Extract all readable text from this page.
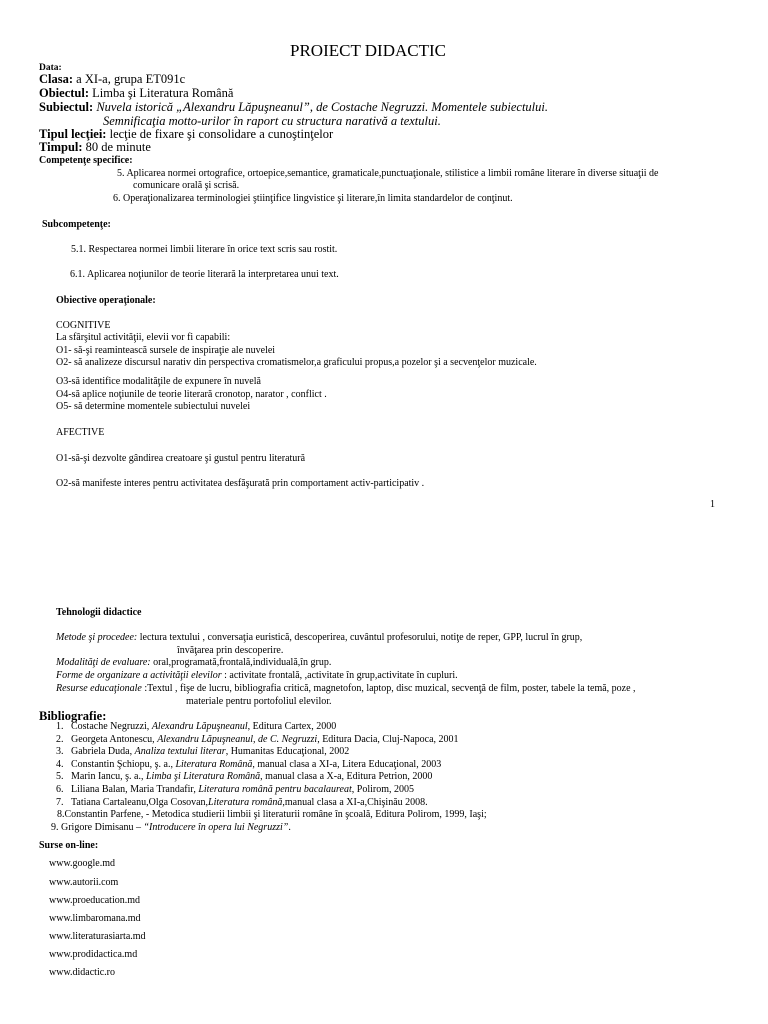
PROIECT DIDACTIC
Data:
Clasa: a XI-a, grupa ET091c
Obiectul: Limba şi Literatura Română
Subiectul: Nuvela istorică „Alexandru Lăpuşneanul”, de Costache Negruzzi. Momentele subiectului.
Semnificaţia motto-urilor în raport cu structura narativă a textului.
Tipul lecţiei: lecţie de fixare şi consolidare a cunoştinţelor
Timpul: 80 de minute
Competenţe specifice:
5. Aplicarea normei ortografice, ortoepice,semantice, gramaticale,punctuaţionale, stilistice a limbii române literare în diverse situaţii de
comunicare orală şi scrisă.
6. Operaţionalizarea terminologiei ştiinţifice lingvistice şi literare,în limita standardelor de conţinut.
Subcompetenţe:
5.1. Respectarea normei limbii literare în orice text scris sau rostit.
6.1. Aplicarea noţiunilor de teorie literară la interpretarea unui text.
Obiective operaţionale:
COGNITIVE
La sfârşitul activităţii, elevii vor fi capabili:
O1- să-şi reamintească sursele de inspiraţie ale nuvelei
O2- să analizeze discursul narativ din perspectiva cromatismelor,a graficului propus,a pozelor şi a secvenţelor muzicale.
O3-să identifice modalităţile de expunere în nuvelă
O4-să aplice noţiunile de teorie literară cronotop, narator , conflict .
O5- să determine momentele subiectului nuvelei
AFECTIVE
O1-să-şi dezvolte gândirea creatoare şi gustul pentru literatură
O2-să manifeste interes pentru activitatea desfăşurată prin comportament activ-participativ .
1
Tehnologii didactice
Metode şi procedee: lectura textului , conversaţia euristică, descoperirea, cuvântul profesorului, notiţe de reper, GPP, lucrul în grup,
învăţarea prin descoperire.
Modalităţi de evaluare: oral,programată,frontală,individuală,în grup.
Forme de organizare a activităţii elevilor : activitate frontală, ,activitate în grup,activitate în cupluri.
Resurse educaţionale :Textul , fişe de lucru, bibliografia critică, magnetofon, laptop, disc muzical, secvenţă de film, poster, tabele la temă, poze ,
materiale pentru portofoliul elevilor.
Bibliografie:
1. Costache Negruzzi, Alexandru Lăpuşneanul, Editura Cartex, 2000
2. Georgeta Antonescu, Alexandru Lăpuşneanul, de C. Negruzzi, Editura Dacia, Cluj-Napoca, 2001
3. Gabriela Duda, Analiza textului literar, Humanitas Educaţional, 2002
4. Constantin Şchiopu, ş. a., Literatura Română, manual clasa a XI-a, Litera Educaţional, 2003
5. Marin Iancu, ş. a., Limba şi Literatura Română, manual clasa a X-a, Editura Petrion, 2000
6. Liliana Balan, Maria Trandafir, Literatura română pentru bacalaureat, Polirom, 2005
7. Tatiana Cartaleanu,Olga Cosovan,Literatura română,manual clasa a XI-a,Chişinău 2008.
8.Constantin Parfene, - Metodica studierii limbii şi literaturii române în şcoală, Editura Polirom, 1999, Iaşi;
9. Grigore Dimisanu – “Introducere în opera lui Negruzzi”.
Surse on-line:
www.google.md
www.autorii.com
www.proeducation.md
www.limbaromana.md
www.literaturasiarta.md
www.prodidactica.md
www.didactic.ro
